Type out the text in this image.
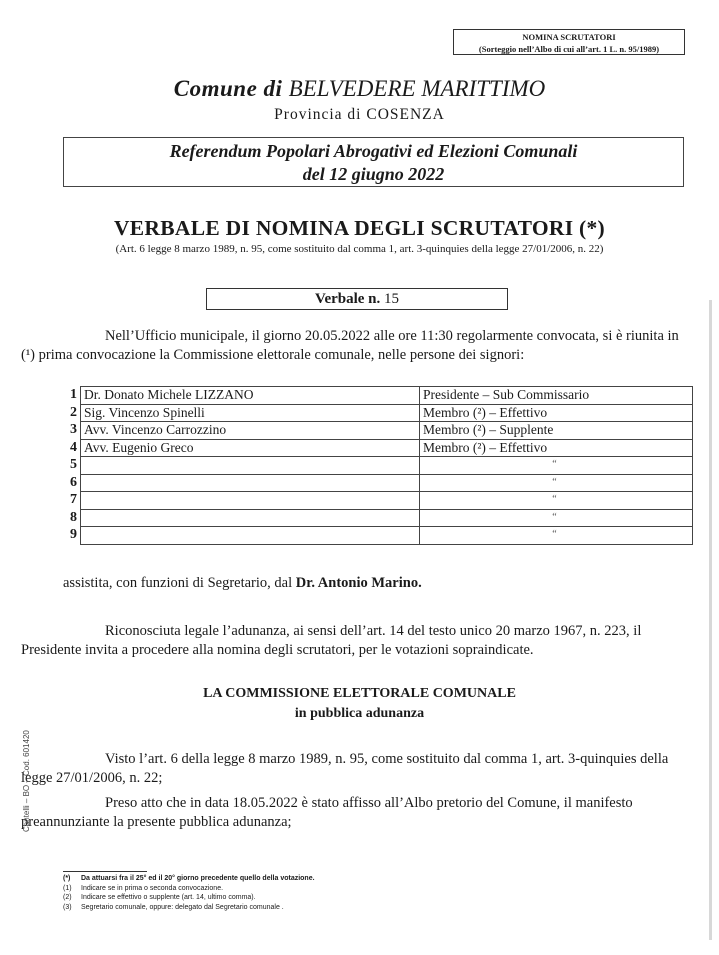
NOMINA SCRUTATORI
(Sorteggio nell’Albo di cui all’art. 1 L. n. 95/1989)
Comune di BELVEDERE MARITTIMO
Provincia di COSENZA
Referendum Popolari Abrogativi ed Elezioni Comunali
del 12 giugno 2022
VERBALE DI NOMINA DEGLI SCRUTATORI (*)
(Art. 6 legge 8 marzo 1989, n. 95, come sostituito dal comma 1, art. 3-quinquies della legge 27/01/2006, n. 22)
Verbale n. 15
Nell’Ufficio municipale, il giorno 20.05.2022 alle ore 11:30 regolarmente convocata, si è riunita in
(¹) prima convocazione la Commissione elettorale comunale, nelle persone dei signori:
1	Dr. Donato Michele LIZZANO	Presidente – Sub Commissario
2	Sig. Vincenzo Spinelli	Membro (²) – Effettivo
3	Avv. Vincenzo Carrozzino	Membro (²) – Supplente
4	Avv. Eugenio Greco	Membro (²) – Effettivo
5		“
6		“
7		“
8		“
9		“
assistita, con funzioni di Segretario, dal Dr. Antonio Marino.
Riconosciuta legale l’adunanza, ai sensi dell’art. 14 del testo unico 20 marzo 1967, n. 223, il
Presidente invita a procedere alla nomina degli scrutatori, per le votazioni sopraindicate.
LA COMMISSIONE ELETTORALE COMUNALE
in pubblica adunanza
Visto l’art. 6 della legge 8 marzo 1989, n. 95, come sostituito dal comma 1, art. 3-quinquies della
legge 27/01/2006, n. 22;
Preso atto che in data 18.05.2022 è stato affisso all’Albo pretorio del Comune, il manifesto
preannunziante la presente pubblica adunanza;
Cantelli – BO – Cod. 601420
(*)	Da attuarsi fra il 25° ed il 20° giorno precedente quello della votazione.
(1)	Indicare se in prima o seconda convocazione.
(2)	Indicare se effettivo o supplente (art. 14, ultimo comma).
(3)	Segretario comunale, oppure: delegato dal Segretario comunale .
